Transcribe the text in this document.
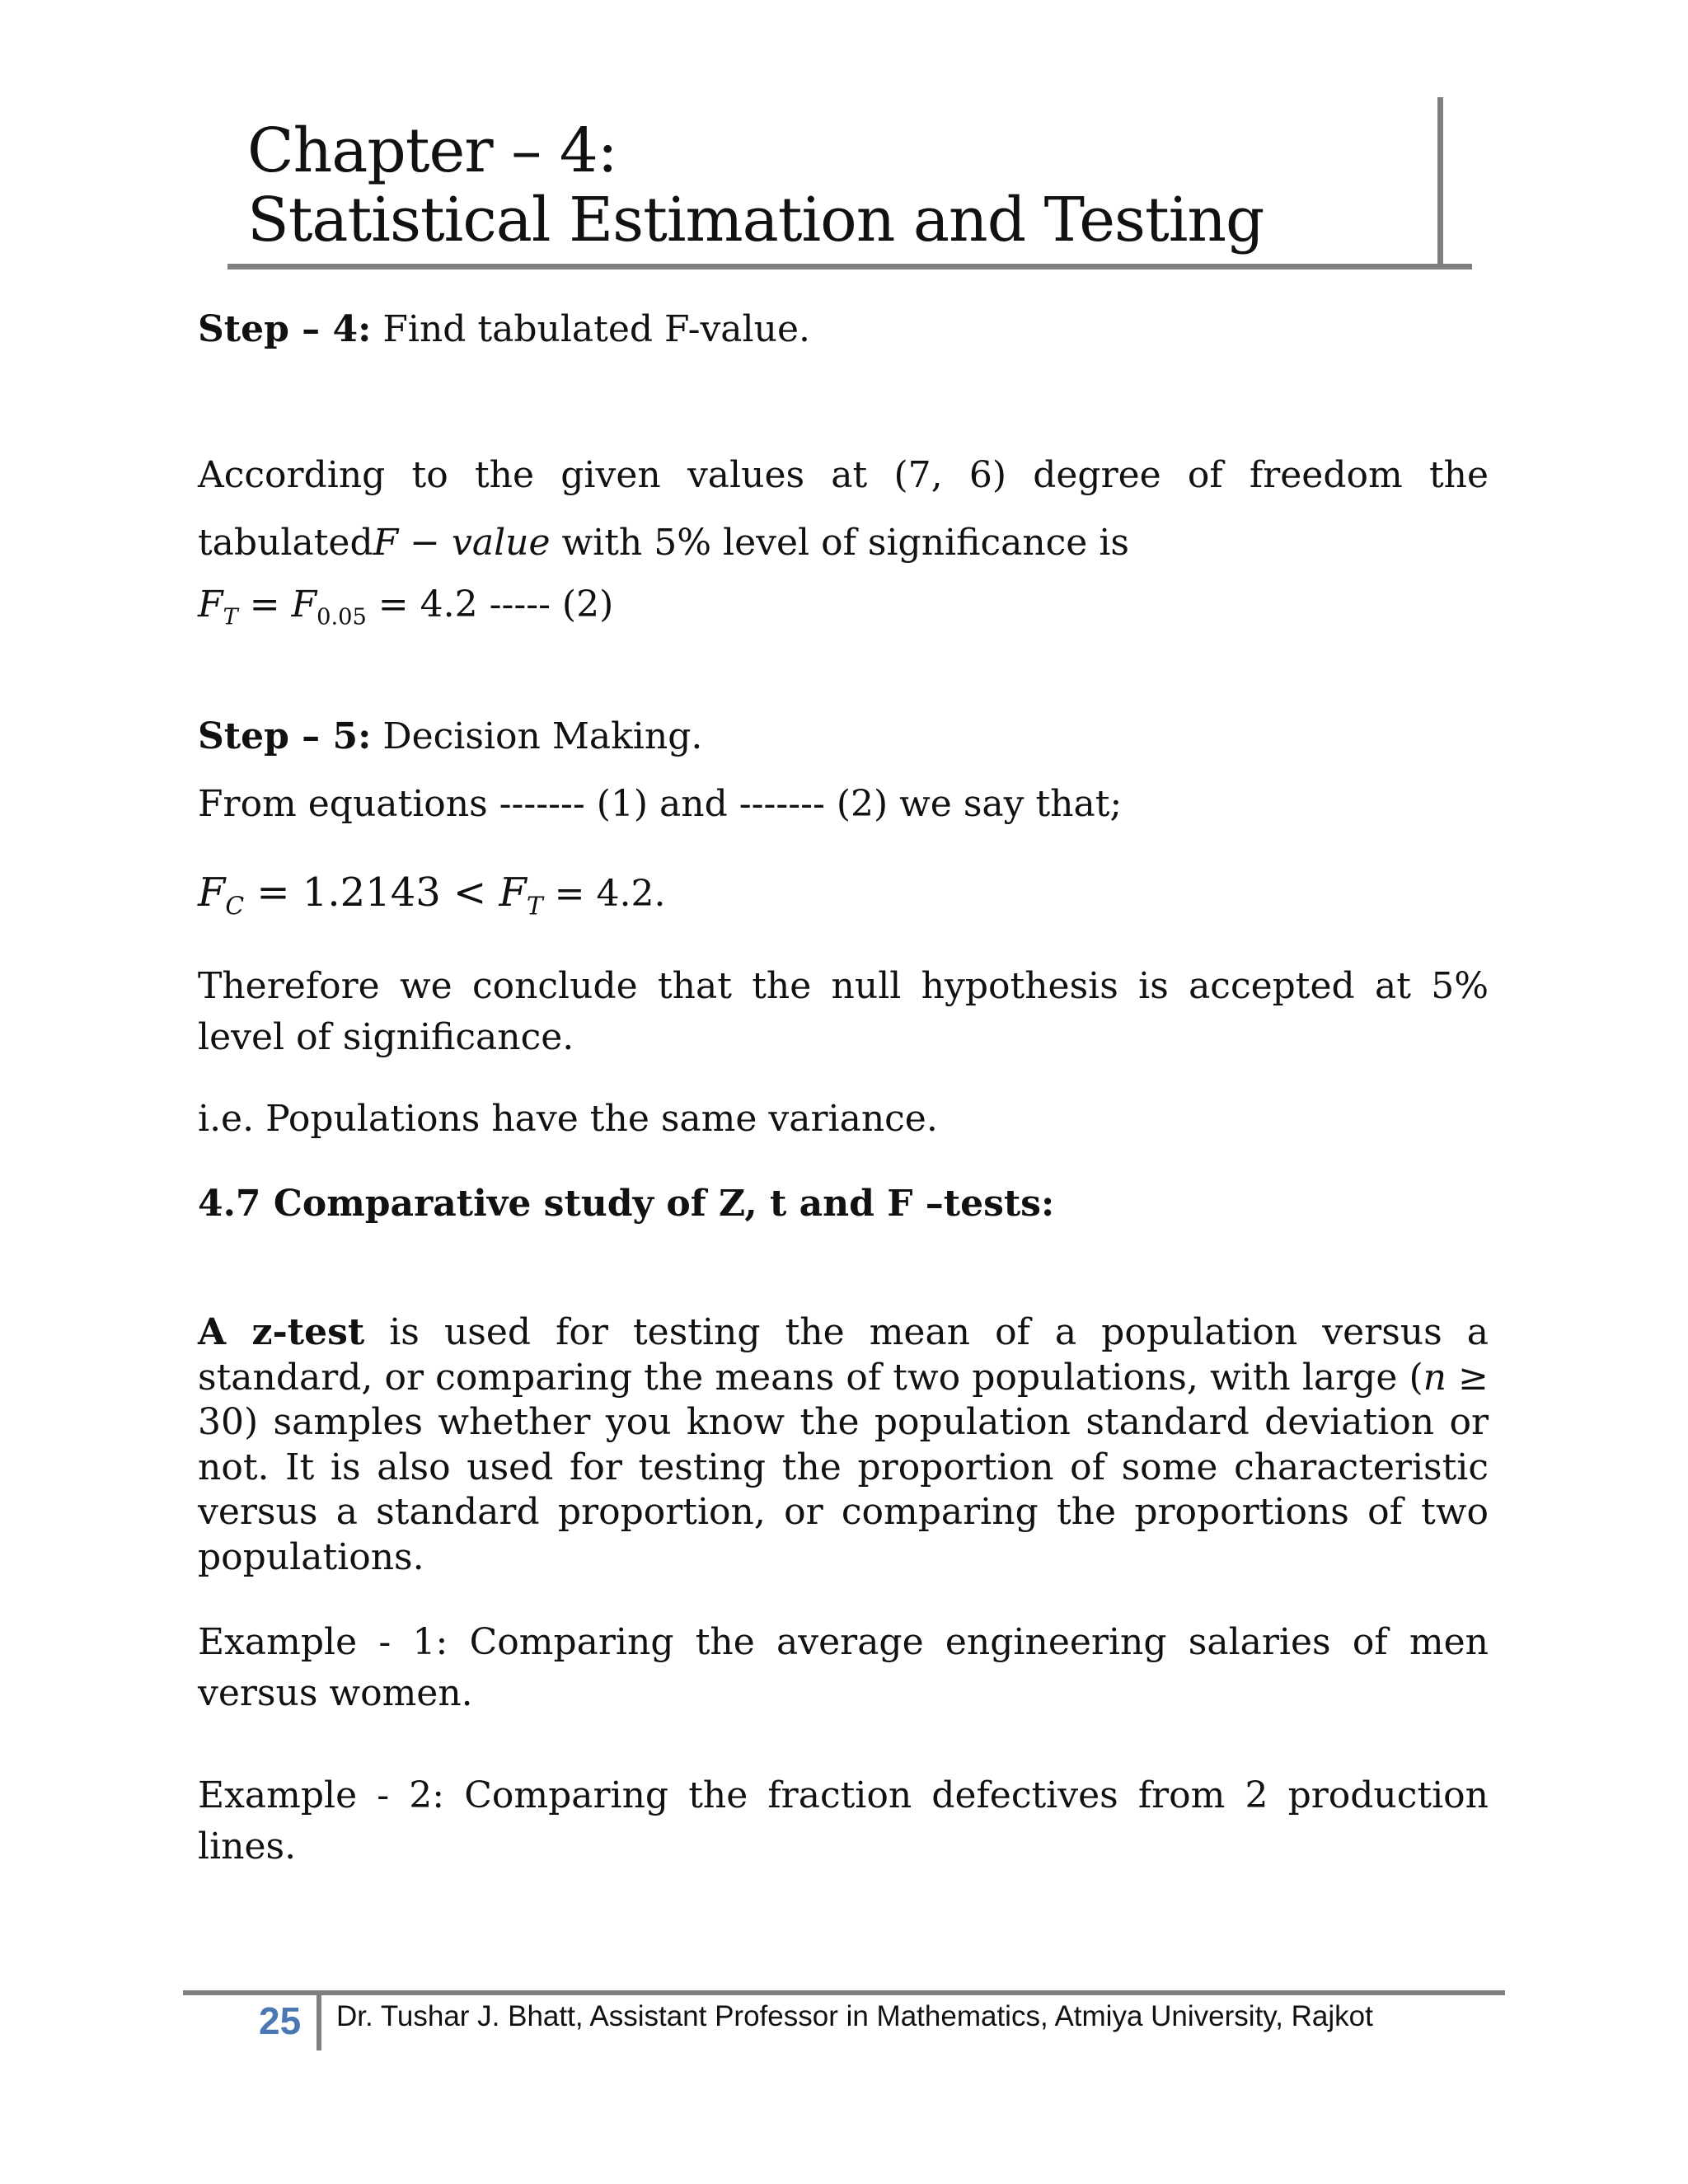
Chapter – 4:
Statistical Estimation and Testing
Step – 4: Find tabulated F-value.
According to the given values at (7, 6) degree of freedom the
tabulatedF − value with 5% level of significance is
$F_T = F_{0.05} = 4.2$ ----- (2)
Step – 5: Decision Making.
From equations ------- (1) and ------- (2) we say that;
$F_C = 1.2143 < F_T = 4.2$.
Therefore we conclude that the null hypothesis is accepted at 5% level of significance.
i.e. Populations have the same variance.
4.7 Comparative study of Z, t and F –tests:
A z-test is used for testing the mean of a population versus a standard, or comparing the means of two populations, with large (n ≥ 30) samples whether you know the population standard deviation or not. It is also used for testing the proportion of some characteristic versus a standard proportion, or comparing the proportions of two populations.
Example - 1: Comparing the average engineering salaries of men versus women.
Example - 2: Comparing the fraction defectives from 2 production lines.
25 Dr. Tushar J. Bhatt, Assistant Professor in Mathematics, Atmiya University, Rajkot
